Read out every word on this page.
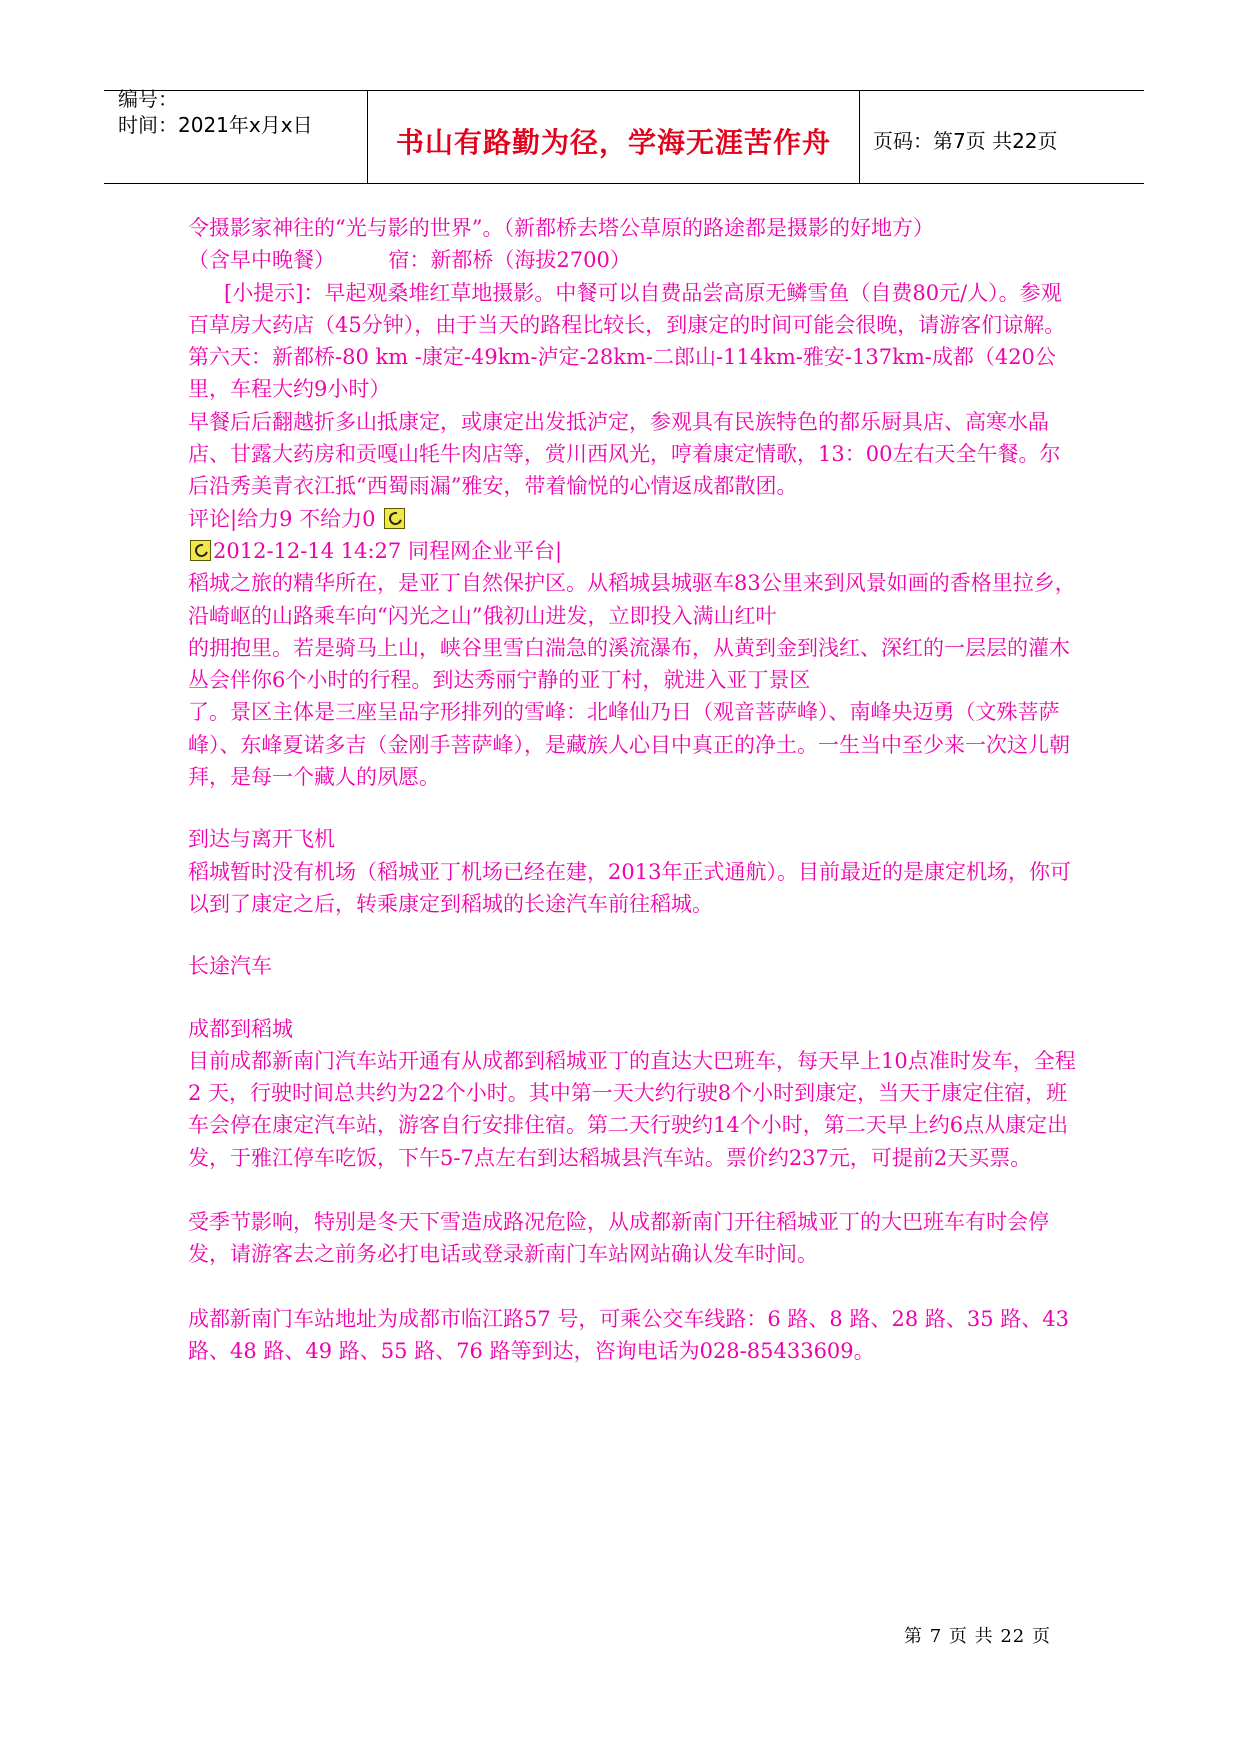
编号：
时间：2021年x月x日
书山有路勤为径，学海无涯苦作舟	页码：第7页 共22页

令摄影家神往的“光与影的世界”。（新都桥去塔公草原的路途都是摄影的好地方）

（含早中晚餐）        宿：新都桥（海拔2700）

[小提示]：早起观桑堆红草地摄影。中餐可以自费品尝高原无鳞雪鱼（自费80元/人）。参观百草房大药店（45分钟），由于当天的路程比较长，到康定的时间可能会很晚，请游客们谅解。

第六天：新都桥-80 km -康定-49km-泸定-28km-二郎山-114km-雅安-137km-成都（420公里，车程大约9小时）

早餐后后翻越折多山抵康定，或康定出发抵泸定，参观具有民族特色的都乐厨具店、高寒水晶店、甘露大药房和贡嘎山牦牛肉店等，赏川西风光，哼着康定情歌，13：00左右天全午餐。尔后沿秀美青衣江抵“西蜀雨漏”雅安，带着愉悦的心情返成都散团。

评论|给力9 不给力0

2012-12-14 14:27 同程网企业平台|

稻城之旅的精华所在，是亚丁自然保护区。从稻城县城驱车83公里来到风景如画的香格里拉乡，沿崎岖的山路乘车向“闪光之山”俄初山进发，立即投入满山红叶

的拥抱里。若是骑马上山，峡谷里雪白湍急的溪流瀑布，从黄到金到浅红、深红的一层层的灌木丛会伴你6个小时的行程。到达秀丽宁静的亚丁村，就进入亚丁景区

了。景区主体是三座呈品字形排列的雪峰：北峰仙乃日（观音菩萨峰）、南峰央迈勇（文殊菩萨峰）、东峰夏诺多吉（金刚手菩萨峰），是藏族人心目中真正的净土。一生当中至少来一次这儿朝拜，是每一个藏人的夙愿。

到达与离开飞机

稻城暂时没有机场（稻城亚丁机场已经在建，2013年正式通航）。目前最近的是康定机场，你可以到了康定之后，转乘康定到稻城的长途汽车前往稻城。

长途汽车

成都到稻城

目前成都新南门汽车站开通有从成都到稻城亚丁的直达大巴班车，每天早上10点准时发车，全程2 天，行驶时间总共约为22个小时。其中第一天大约行驶8个小时到康定，当天于康定住宿，班车会停在康定汽车站，游客自行安排住宿。第二天行驶约14个小时，第二天早上约6点从康定出发，于雅江停车吃饭，下午5-7点左右到达稻城县汽车站。票价约237元，可提前2天买票。

受季节影响，特别是冬天下雪造成路况危险，从成都新南门开往稻城亚丁的大巴班车有时会停发，请游客去之前务必打电话或登录新南门车站网站确认发车时间。

成都新南门车站地址为成都市临江路57 号，可乘公交车线路：6 路、8 路、28 路、35 路、43 路、48 路、49 路、55 路、76 路等到达，咨询电话为028-85433609。

第 7 页 共 22 页
